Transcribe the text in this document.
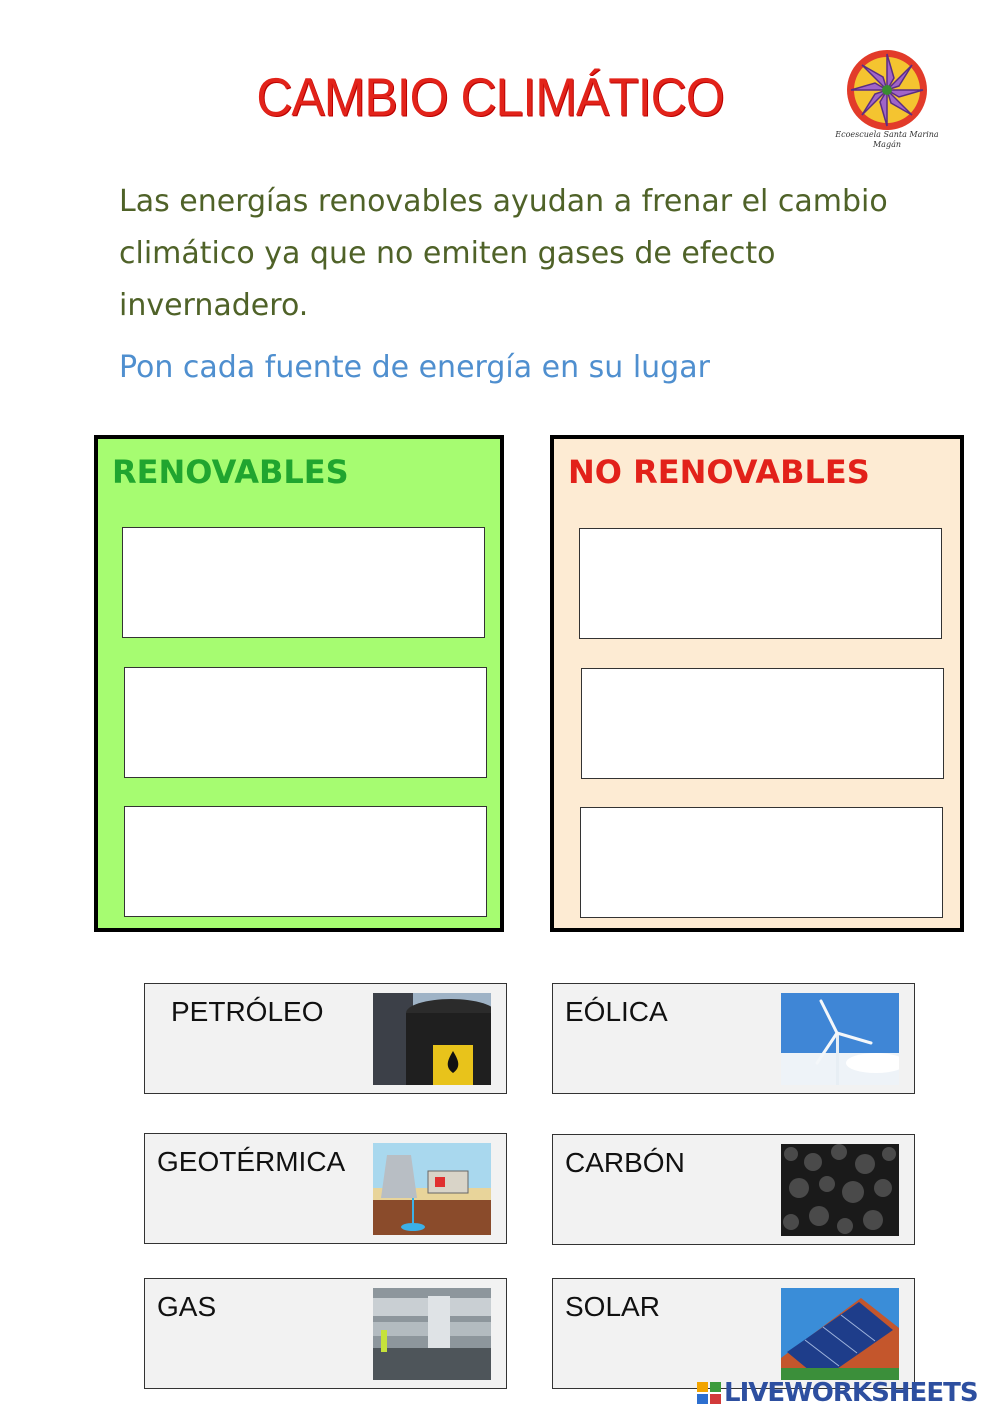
CAMBIO CLIMÁTICO
Ecoescuela Santa Marina Magán
Las energías renovables ayudan a frenar el cambio climático ya que no emiten gases de efecto invernadero.
Pon cada fuente de energía en su lugar
RENOVABLES	NO RENOVABLES
PETRÓLEO	EÓLICA
GEOTÉRMICA	CARBÓN
GAS	SOLAR
LIVEWORKSHEETS
